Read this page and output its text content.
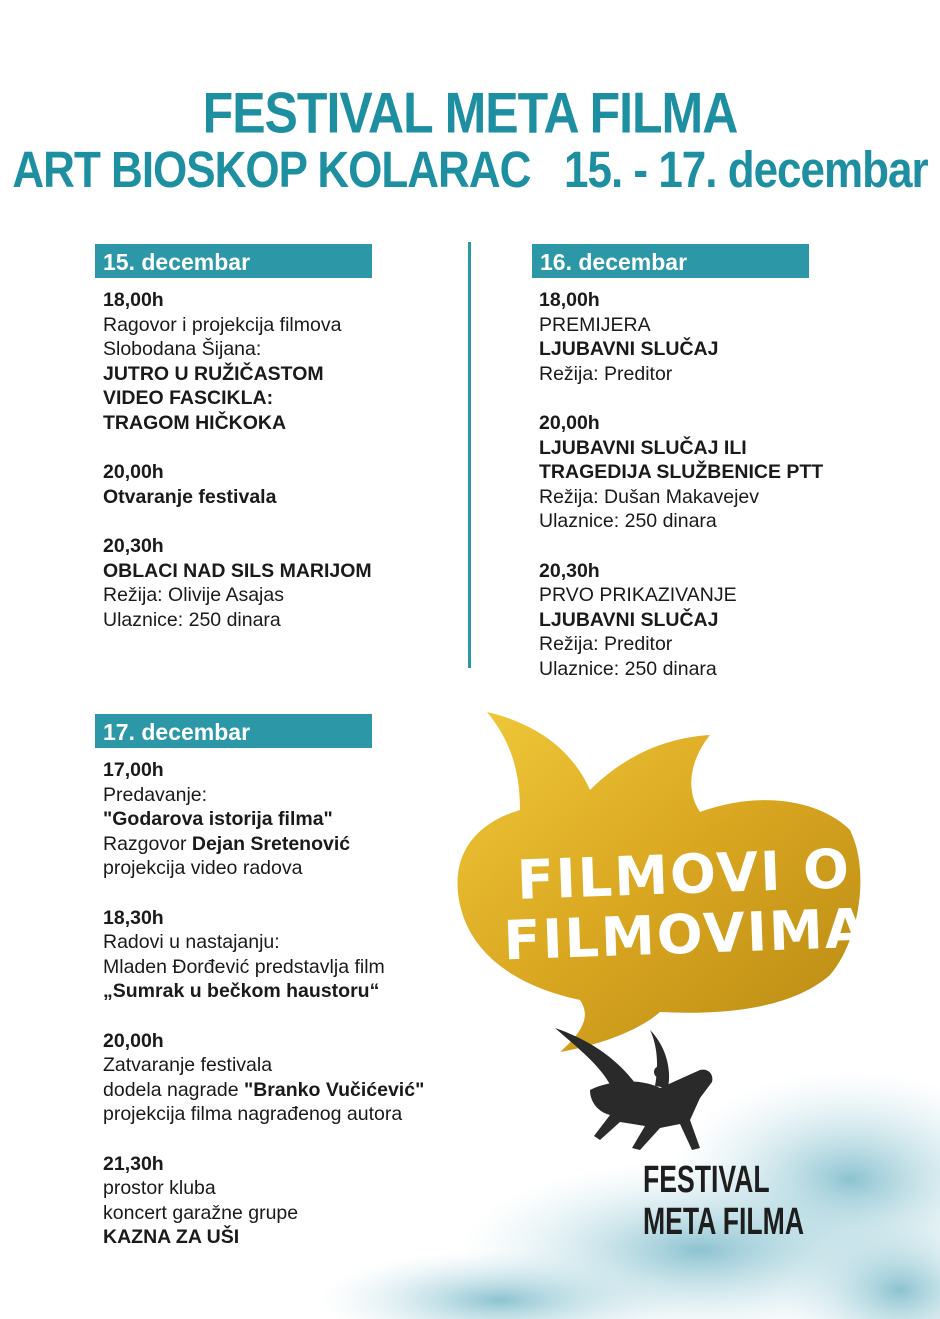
FESTIVAL META FILMA
ART BIOSKOP KOLARAC   15. - 17. decembar
15. decembar
18,00h
Ragovor i projekcija filmova
Slobodana Šijana:
JUTRO U RUŽIČASTOM
VIDEO FASCIKLA:
TRAGOM HIČKOKA
20,00h
Otvaranje festivala
20,30h
OBLACI NAD SILS MARIJOM
Režija: Olivije Asajas
Ulaznice: 250 dinara
16. decembar
18,00h
PREMIJERA
LJUBAVNI SLUČAJ
Režija: Preditor
20,00h
LJUBAVNI SLUČAJ ILI
TRAGEDIJA SLUŽBENICE PTT
Režija: Dušan Makavejev
Ulaznice: 250 dinara
20,30h
PRVO PRIKAZIVANJE
LJUBAVNI SLUČAJ
Režija: Preditor
Ulaznice: 250 dinara
17. decembar
17,00h
Predavanje:
"Godarova istorija filma"
Razgovor Dejan Sretenović
projekcija video radova
18,30h
Radovi u nastajanju:
Mladen Đorđević predstavlja film
„Sumrak u bečkom haustoru“
20,00h
Zatvaranje festivala
dodela nagrade "Branko Vučićević"
projekcija filma nagrađenog autora
21,30h
prostor kluba
koncert garažne grupe
KAZNA ZA UŠI
FILMOVI O
FILMOVIMA
FESTIVAL
META FILMA
